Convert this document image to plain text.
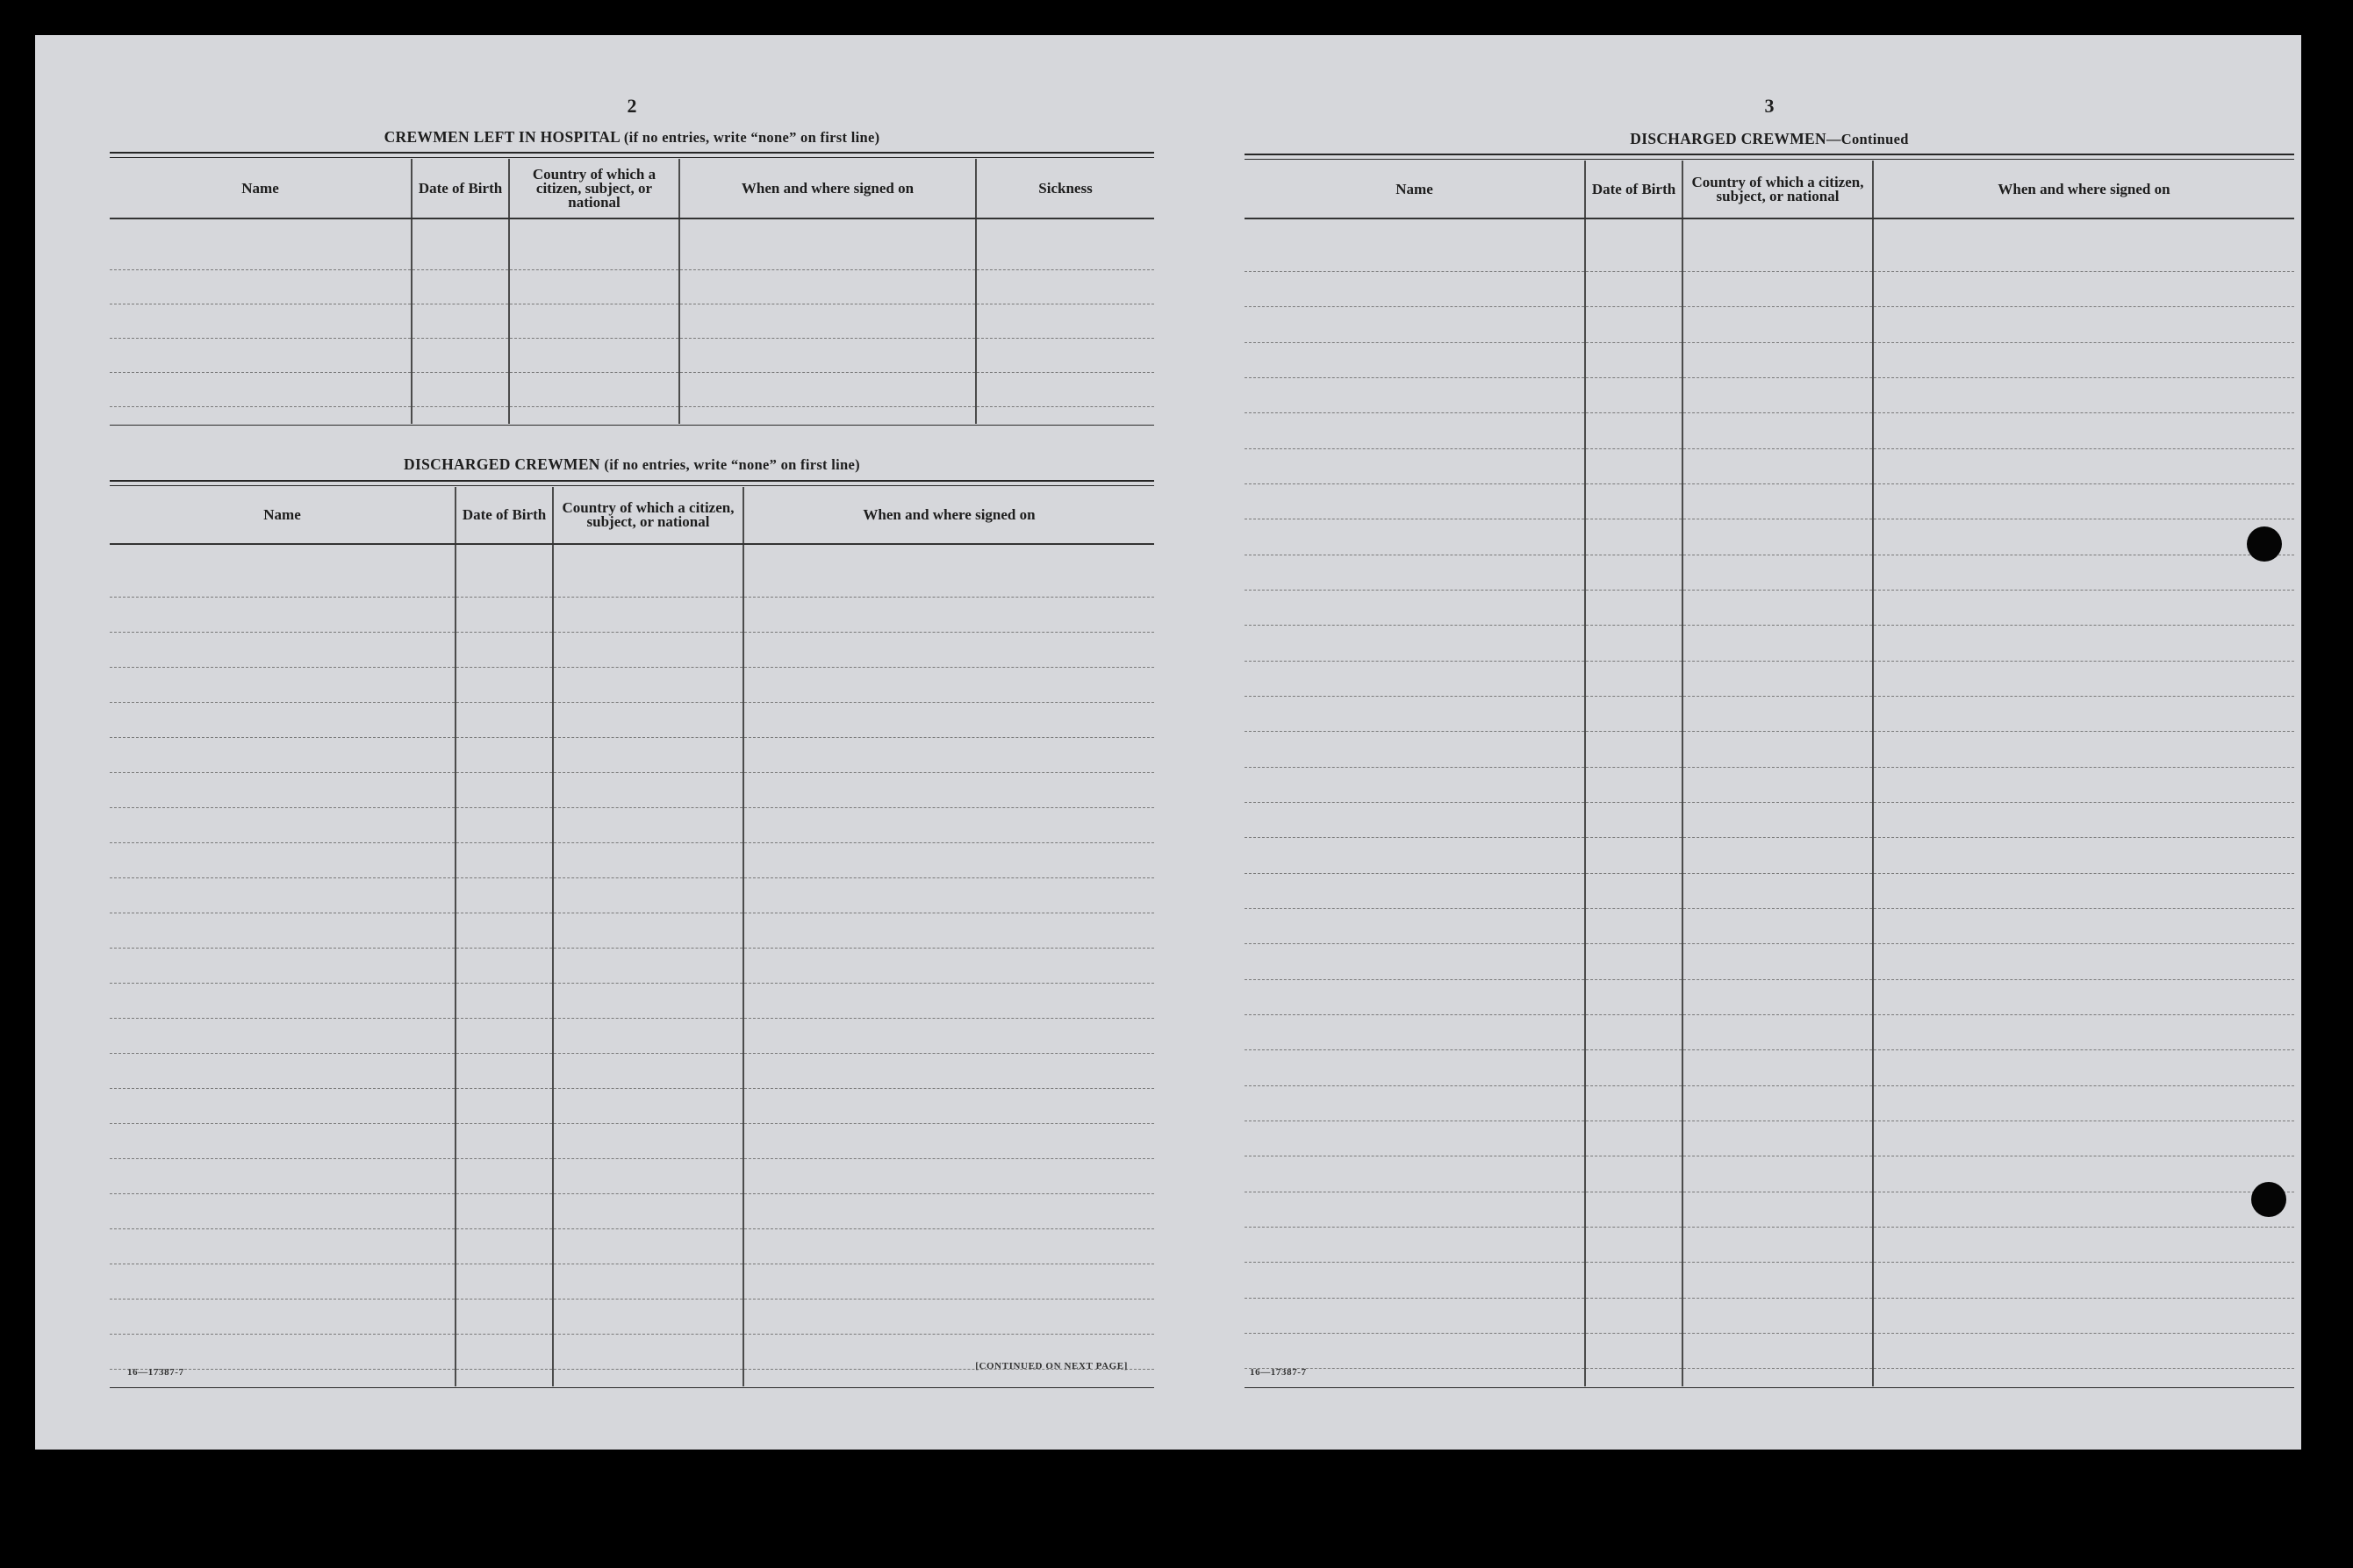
2
CREWMEN LEFT IN HOSPITAL (if no entries, write “none” on first line)
Name	Date of Birth	Country of which a citizen, subject, or national	When and where signed on	Sickness

DISCHARGED CREWMEN (if no entries, write “none” on first line)
Name	Date of Birth	Country of which a citizen, subject, or national	When and where signed on

16—17387-7
[CONTINUED ON NEXT PAGE]
3
DISCHARGED CREWMEN—Continued
Name	Date of Birth	Country of which a citizen, subject, or national	When and where signed on

16—17387-7
